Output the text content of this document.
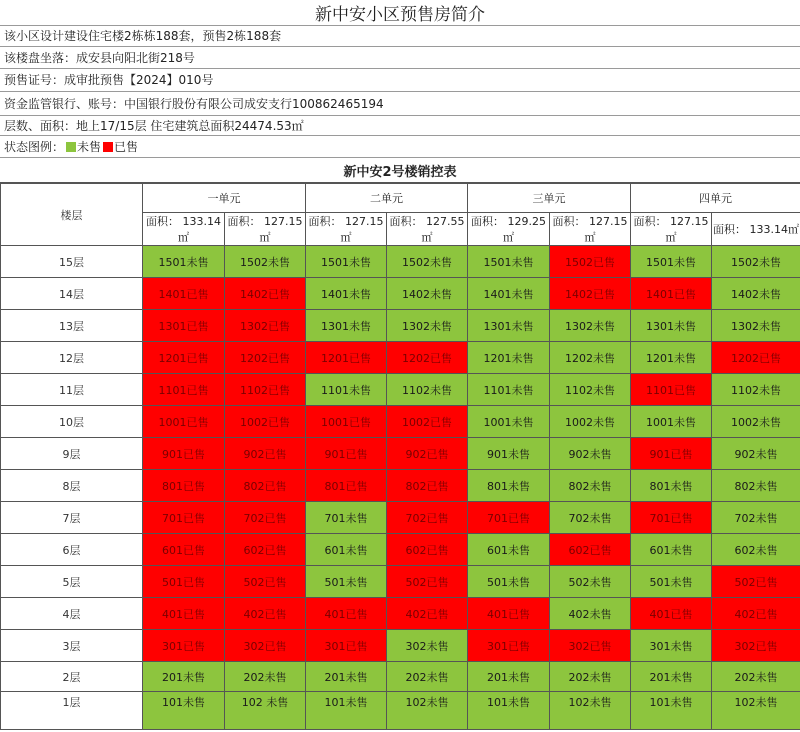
新中安小区预售房简介
该小区设计建设住宅楼2栋栋188套，预售2栋188套
该楼盘坐落：成安县向阳北街218号
预售证号：成审批预售【2024】010号
资金监管银行、账号：中国银行股份有限公司成安支行100862465194
层数、面积：地上17/15层 住宅建筑总面积24474.53㎡
状态图例： 未售 已售
新中安2号楼销控表
楼层	一单元		二单元		三单元		四单元	
	面积： 133.14㎡	面积： 127.15㎡	面积： 127.15㎡	面积： 127.55㎡	面积： 129.25㎡	面积： 127.15㎡	面积： 127.15㎡	面积： 133.14㎡
15层	1501未售	1502未售	1501未售	1502未售	1501未售	1502已售	1501未售	1502未售
14层	1401已售	1402已售	1401未售	1402未售	1401未售	1402已售	1401已售	1402未售
13层	1301已售	1302已售	1301未售	1302未售	1301未售	1302未售	1301未售	1302未售
12层	1201已售	1202已售	1201已售	1202已售	1201未售	1202未售	1201未售	1202已售
11层	1101已售	1102已售	1101未售	1102未售	1101未售	1102未售	1101已售	1102未售
10层	1001已售	1002已售	1001已售	1002已售	1001未售	1002未售	1001未售	1002未售
9层	901已售	902已售	901已售	902已售	901未售	902未售	901已售	902未售
8层	801已售	802已售	801已售	802已售	801未售	802未售	801未售	802未售
7层	701已售	702已售	701未售	702已售	701已售	702未售	701已售	702未售
6层	601已售	602已售	601未售	602已售	601未售	602已售	601未售	602未售
5层	501已售	502已售	501未售	502已售	501未售	502未售	501未售	502已售
4层	401已售	402已售	401已售	402已售	401已售	402未售	401已售	402已售
3层	301已售	302已售	301已售	302未售	301已售	302已售	301未售	302已售
2层	201未售	202未售	201未售	202未售	201未售	202未售	201未售	202未售
1层	101未售	102 未售	101未售	102未售	101未售	102未售	101未售	102未售
